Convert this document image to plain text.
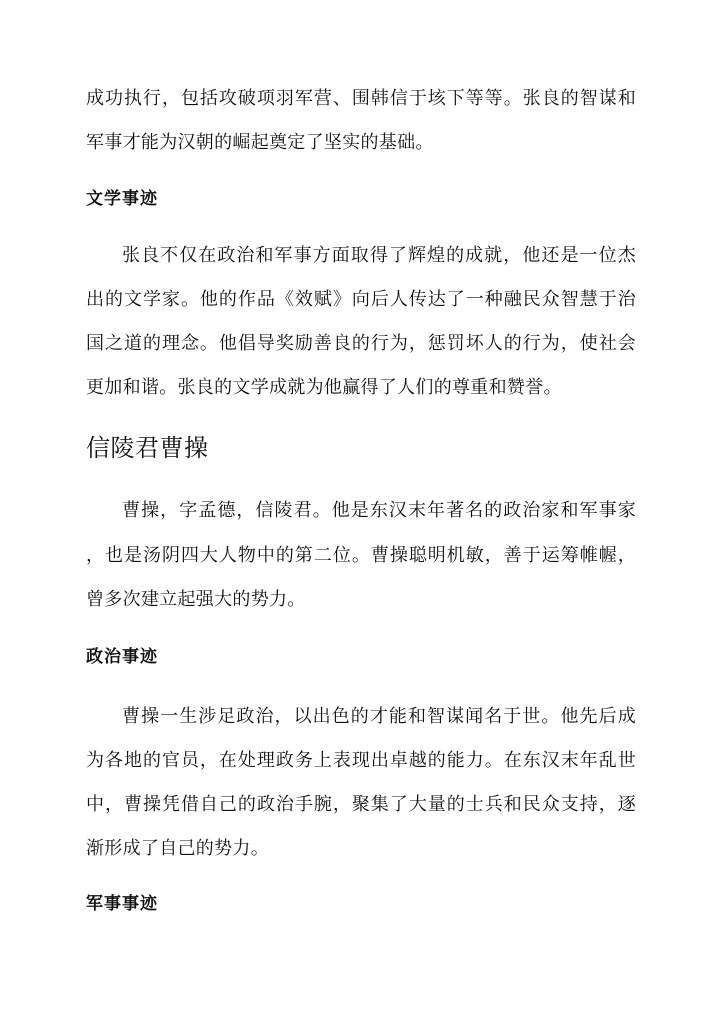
成功执行，包括攻破项羽军营、围韩信于垓下等等。张良的智谋和

军事才能为汉朝的崛起奠定了坚实的基础。

文学事迹

张良不仅在政治和军事方面取得了辉煌的成就，他还是一位杰

出的文学家。他的作品《效赋》向后人传达了一种融民众智慧于治

国之道的理念。他倡导奖励善良的行为，惩罚坏人的行为，使社会

更加和谐。张良的文学成就为他赢得了人们的尊重和赞誉。

信陵君曹操

曹操，字孟德，信陵君。他是东汉末年著名的政治家和军事家

，也是汤阴四大人物中的第二位。曹操聪明机敏，善于运筹帷幄，

曾多次建立起强大的势力。

政治事迹

曹操一生涉足政治，以出色的才能和智谋闻名于世。他先后成

为各地的官员，在处理政务上表现出卓越的能力。在东汉末年乱世

中，曹操凭借自己的政治手腕，聚集了大量的士兵和民众支持，逐

渐形成了自己的势力。

军事事迹
